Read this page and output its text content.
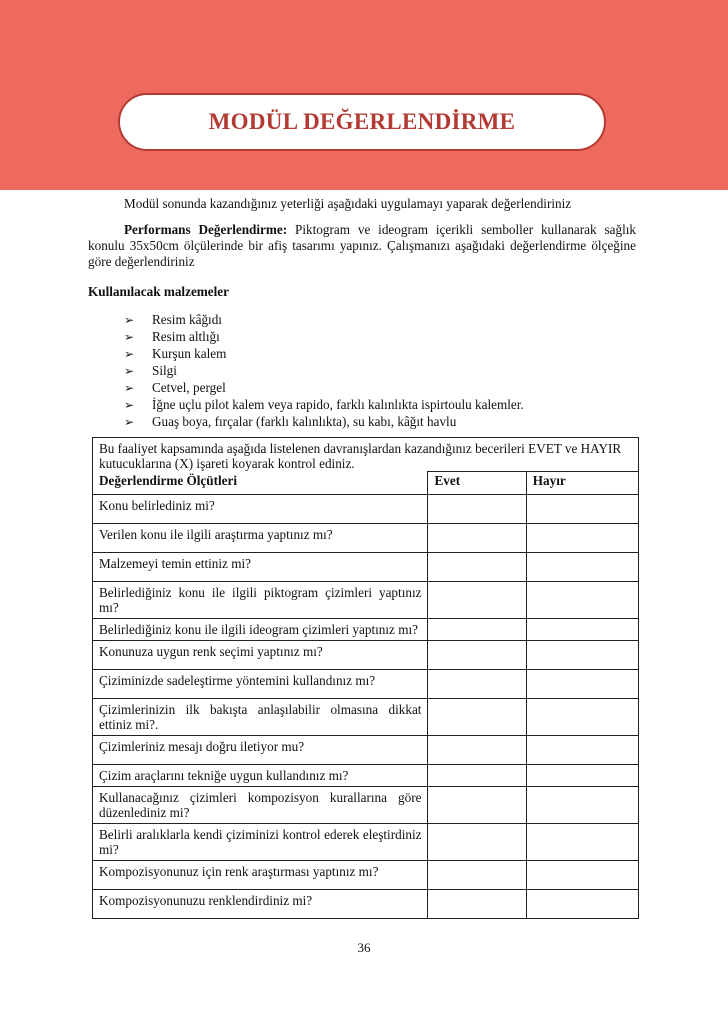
MODÜL DEĞERLENDİRME

Modül sonunda kazandığınız yeterliği aşağıdaki uygulamayı yaparak değerlendiriniz

Performans Değerlendirme: Piktogram ve ideogram içerikli semboller kullanarak sağlık konulu 35x50cm ölçülerinde bir afiş tasarımı yapınız. Çalışmanızı aşağıdaki değerlendirme ölçeğine göre değerlendiriniz

Kullanılacak malzemeler

➢ Resim kâğıdı
➢ Resim altlığı
➢ Kurşun kalem
➢ Silgi
➢ Cetvel, pergel
➢ İğne uçlu pilot kalem veya rapido, farklı kalınlıkta ispirtoulu kalemler.
➢ Guaş boya, fırçalar (farklı kalınlıkta), su kabı, kâğıt havlu
Bu faaliyet kapsamında aşağıda listelenen davranışlardan kazandığınız becerileri EVET ve HAYIR kutucuklarına (X) işareti koyarak kontrol ediniz.		
Değerlendirme Ölçütleri	Evet	Hayır
Konu belirlediniz mi?		
Verilen konu ile ilgili araştırma yaptınız mı?		
Malzemeyi temin ettiniz mi?		
Belirlediğiniz konu ile ilgili piktogram çizimleri yaptınız mı?		
Belirlediğiniz konu ile ilgili ideogram çizimleri yaptınız mı?		
Konunuza uygun renk seçimi yaptınız mı?		
Çiziminizde sadeleştirme yöntemini kullandınız mı?		
Çizimlerinizin ilk bakışta anlaşılabilir olmasına dikkat ettiniz mi?.		
Çizimleriniz mesajı doğru iletiyor mu?		
Çizim araçlarını tekniğe uygun kullandınız mı?		
Kullanacağınız çizimleri kompozisyon kurallarına göre düzenlediniz mi?		
Belirli aralıklarla kendi çiziminizi kontrol ederek eleştirdiniz mi?		
Kompozisyonunuz için renk araştırması yaptınız mı?		
Kompozisyonunuzu renklendirdiniz mi?		
36
